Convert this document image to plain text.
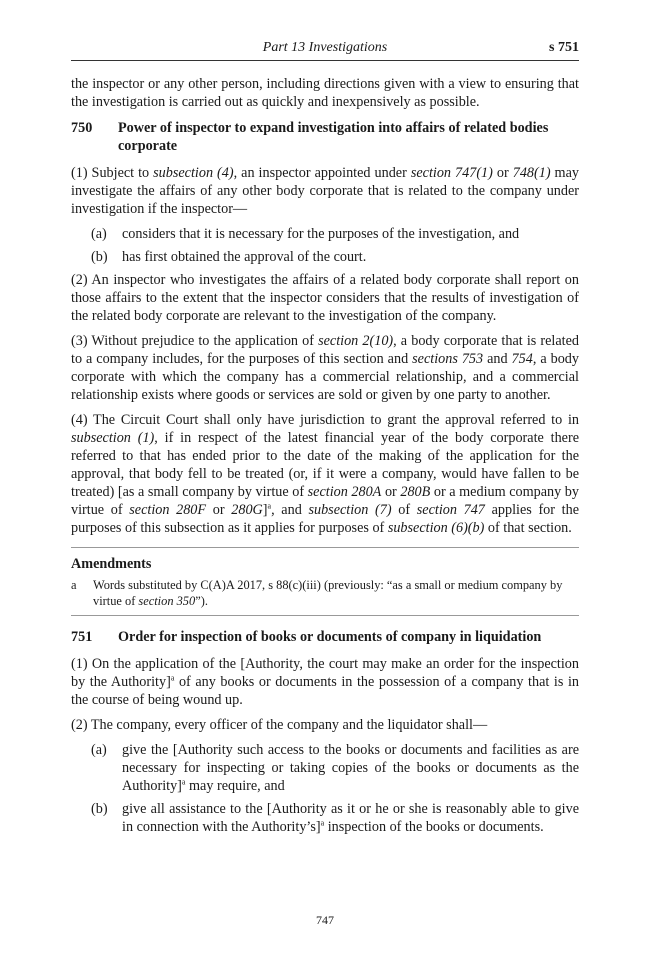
Part 13 Investigations	s 751

the inspector or any other person, including directions given with a view to ensuring that the investigation is carried out as quickly and inexpensively as possible.

750	Power of inspector to expand investigation into affairs of related bodies corporate

(1) Subject to subsection (4), an inspector appointed under section 747(1) or 748(1) may investigate the affairs of any other body corporate that is related to the company under investigation if the inspector—

(a)	considers that it is necessary for the purposes of the investigation, and
(b)	has first obtained the approval of the court.

(2) An inspector who investigates the affairs of a related body corporate shall report on those affairs to the extent that the inspector considers that the results of investigation of the related body corporate are relevant to the investigation of the company.

(3) Without prejudice to the application of section 2(10), a body corporate that is related to a company includes, for the purposes of this section and sections 753 and 754, a body corporate with which the company has a commercial relationship, and a commercial relationship exists where goods or services are sold or given by one party to another.

(4) The Circuit Court shall only have jurisdiction to grant the approval referred to in subsection (1), if in respect of the latest financial year of the body corporate there referred to that has ended prior to the date of the making of the application for the approval, that body fell to be treated (or, if it were a company, would have fallen to be treated) [as a small company by virtue of section 280A or 280B or a medium company by virtue of section 280F or 280G]$^a$, and subsection (7) of section 747 applies for the purposes of this subsection as it applies for purposes of subsection (6)(b) of that section.

Amendments
a	Words substituted by C(A)A 2017, s 88(c)(iii) (previously: “as a small or medium company by virtue of section 350”).
751	Order for inspection of books or documents of company in liquidation

(1) On the application of the [Authority, the court may make an order for the inspection by the Authority]$^a$ of any books or documents in the possession of a company that is in the course of being wound up.

(2) The company, every officer of the company and the liquidator shall—

(a)	give the [Authority such access to the books or documents and facilities as are necessary for inspecting or taking copies of the books or documents as the Authority]$^a$ may require, and
(b)	give all assistance to the [Authority as it or he or she is reasonably able to give in connection with the Authority’s]$^a$ inspection of the books or documents.
747
